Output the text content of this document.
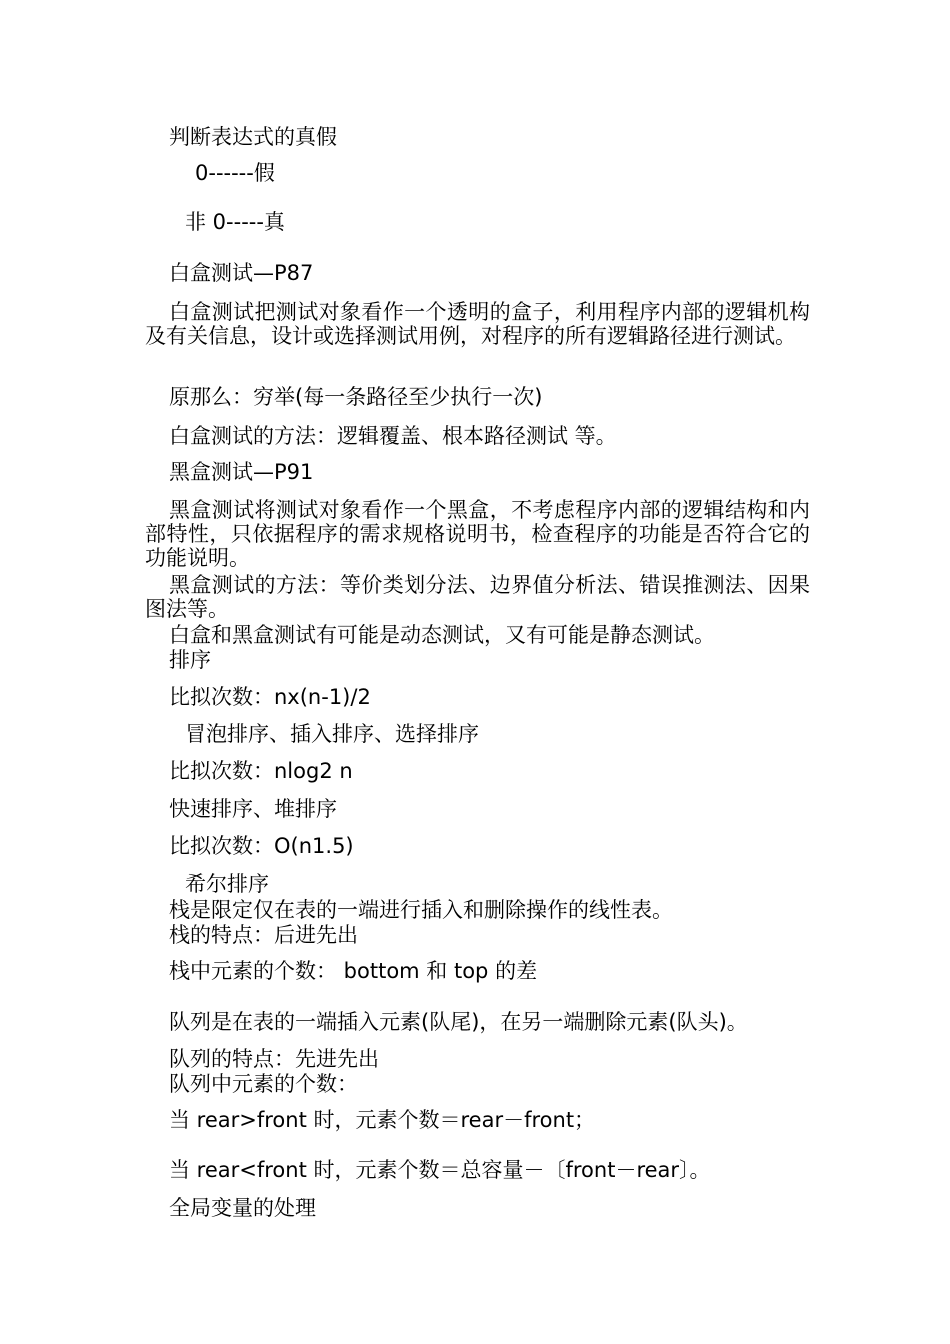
判断表达式的真假
0------假
非 0-----真
白盒测试—P87
白盒测试把测试对象看作一个透明的盒子，利用程序内部的逻辑机构及有关信息，设计或选择测试用例，对程序的所有逻辑路径进行测试。
原那么：穷举(每一条路径至少执行一次)
白盒测试的方法：逻辑覆盖、根本路径测试 等。
黑盒测试—P91
黑盒测试将测试对象看作一个黑盒，不考虑程序内部的逻辑结构和内部特性，只依据程序的需求规格说明书，检查程序的功能是否符合它的功能说明。
黑盒测试的方法：等价类划分法、边界值分析法、错误推测法、因果图法等。
白盒和黑盒测试有可能是动态测试，又有可能是静态测试。
排序
比拟次数：nx(n-1)/2
冒泡排序、插入排序、选择排序
比拟次数：nlog2 n
快速排序、堆排序
比拟次数：O(n1.5)
希尔排序
栈是限定仅在表的一端进行插入和删除操作的线性表。
栈的特点：后进先出
栈中元素的个数： bottom 和 top 的差
队列是在表的一端插入元素(队尾)，在另一端删除元素(队头)。
队列的特点：先进先出
队列中元素的个数：
当 rear>front 时，元素个数＝rear－front；
当 rear<front 时，元素个数＝总容量－〔front－rear〕。
全局变量的处理
